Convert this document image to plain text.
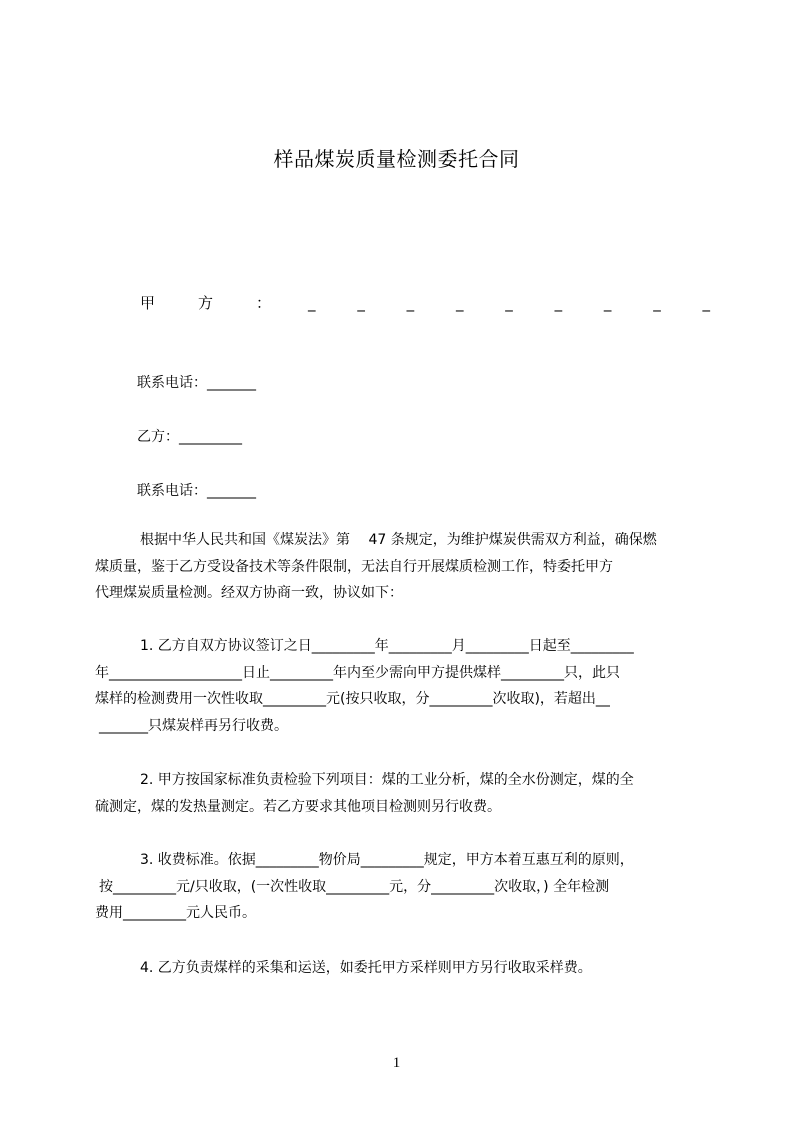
样品煤炭质量检测委托合同
甲	方	：	_	_	_	_	_	_	_	_	_
联系电话：_______
乙方：_________
联系电话：_______
根据中华人民共和国《煤炭法》第　 47 条规定，为维护煤炭供需双方利益，确保燃
煤质量，鉴于乙方受设备技术等条件限制，无法自行开展煤质检测工作，特委托甲方
代理煤炭质量检测。经双方协商一致，协议如下：
1. 乙方自双方协议签订之日_________年_________月_________日起至_________
年___________________日止_________年内至少需向甲方提供煤样_________只，此只
煤样的检测费用一次性收取_________元(按只收取，分_________次收取)，若超出__
_______只煤炭样再另行收费。
2. 甲方按国家标准负责检验下列项目：煤的工业分析，煤的全水份测定，煤的全
硫测定，煤的发热量测定。若乙方要求其他项目检测则另行收费。
3. 收费标准。依据_________物价局_________规定，甲方本着互惠互利的原则，
按_________元/只收取，(一次性收取_________元，分_________次收取，) 全年检测
费用_________元人民币。
4. 乙方负责煤样的采集和运送，如委托甲方采样则甲方另行收取采样费。
1
